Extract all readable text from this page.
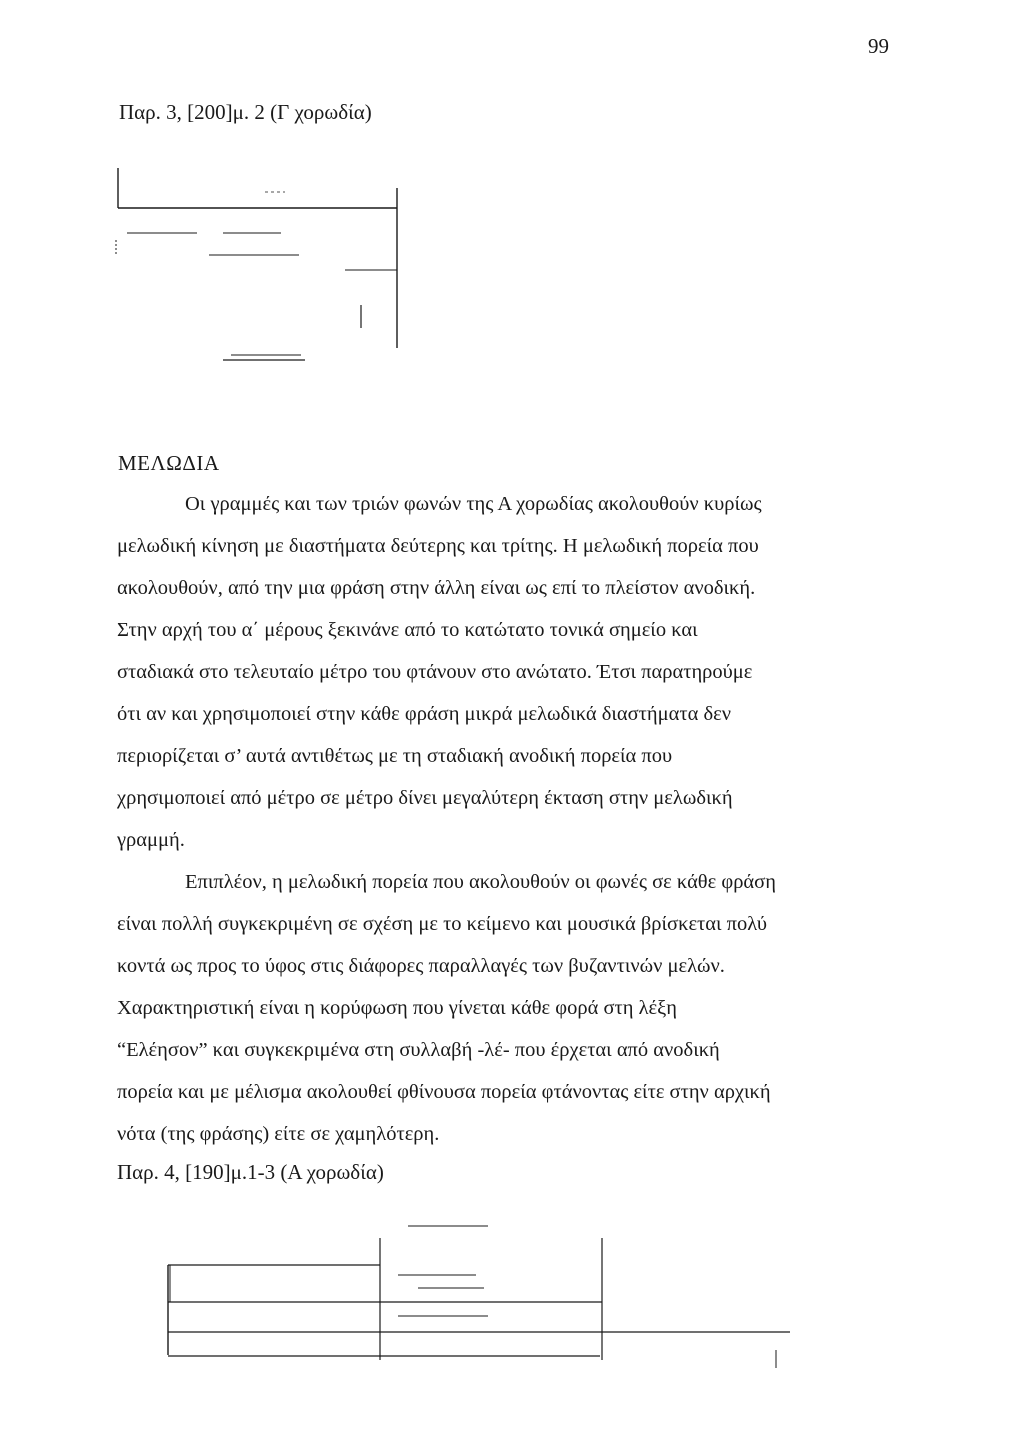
99
Παρ. 3, [200]μ. 2 (Γ χορωδία)
ΜΕΛΩΔΙΑ
Οι γραμμές και των τριών φωνών της Α χορωδίας ακολουθούν κυρίως
μελωδική κίνηση με διαστήματα δεύτερης και τρίτης. Η μελωδική πορεία που
ακολουθούν, από την μια φράση στην άλλη είναι ως επί το πλείστον ανοδική.
Στην αρχή του α΄ μέρους ξεκινάνε από το κατώτατο τονικά σημείο και
σταδιακά στο τελευταίο μέτρο του φτάνουν στο ανώτατο. Έτσι παρατηρούμε
ότι αν και χρησιμοποιεί στην κάθε φράση μικρά μελωδικά διαστήματα δεν
περιορίζεται σ’ αυτά αντιθέτως με τη σταδιακή ανοδική πορεία που
χρησιμοποιεί από μέτρο σε μέτρο δίνει μεγαλύτερη έκταση στην μελωδική
γραμμή.
Επιπλέον, η μελωδική πορεία που ακολουθούν οι φωνές σε κάθε φράση
είναι πολλή συγκεκριμένη σε σχέση με το κείμενο και μουσικά βρίσκεται πολύ
κοντά ως προς το ύφος στις διάφορες παραλλαγές των βυζαντινών μελών.
Χαρακτηριστική είναι η κορύφωση που γίνεται κάθε φορά στη λέξη
“Ελέησον” και συγκεκριμένα στη συλλαβή -λέ- που έρχεται από ανοδική
πορεία και με μέλισμα ακολουθεί φθίνουσα πορεία φτάνοντας είτε στην αρχική
νότα (της φράσης) είτε σε χαμηλότερη.
Παρ. 4, [190]μ.1-3 (Α χορωδία)
